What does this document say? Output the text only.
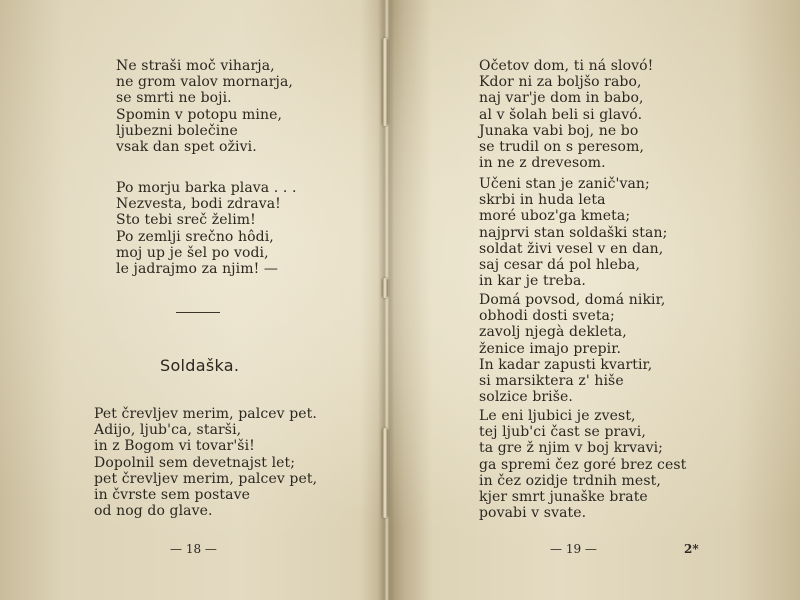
Ne straši moč viharja,
ne grom valov mornarja,
se smrti ne boji.
Spomin v potopu mine,
ljubezni bolečine
vsak dan spet oživi.
Po morju barka plava . . .
Nezvesta, bodi zdrava!
Sto tebi sreč želim!
Po zemlji srečno hôdi,
moj up je šel po vodi,
le jadrajmo za njim! —
Soldaška.
Pet črevljev merim, palcev pet.
Adijo, ljub'ca, starši,
in z Bogom vi tovar'ši!
Dopolnil sem devetnajst let;
pet črevljev merim, palcev pet,
in čvrste sem postave
od nog do glave.
— 18 —
Očetov dom, ti ná slovó!
Kdor ni za boljšo rabo,
naj var'je dom in babo,
al v šolah beli si glavó.
Junaka vabi boj, ne bo
se trudil on s peresom,
in ne z drevesom.
Učeni stan je zanič'van;
skrbi in huda leta
moré uboz'ga kmeta;
najprvi stan soldaški stan;
soldat živi vesel v en dan,
saj cesar dá pol hleba,
in kar je treba.
Domá povsod, domá nikir,
obhodi dosti sveta;
zavolj njegà dekleta,
ženice imajo prepir.
In kadar zapusti kvartir,
si marsiktera z' hiše
solzice briše.
Le eni ljubici je zvest,
tej ljub'ci čast se pravi,
ta gre ž njim v boj krvavi;
ga spremi čez goré brez cest
in čez ozidje trdnih mest,
kjer smrt junaške brate
povabi v svate.
— 19 —	2*
